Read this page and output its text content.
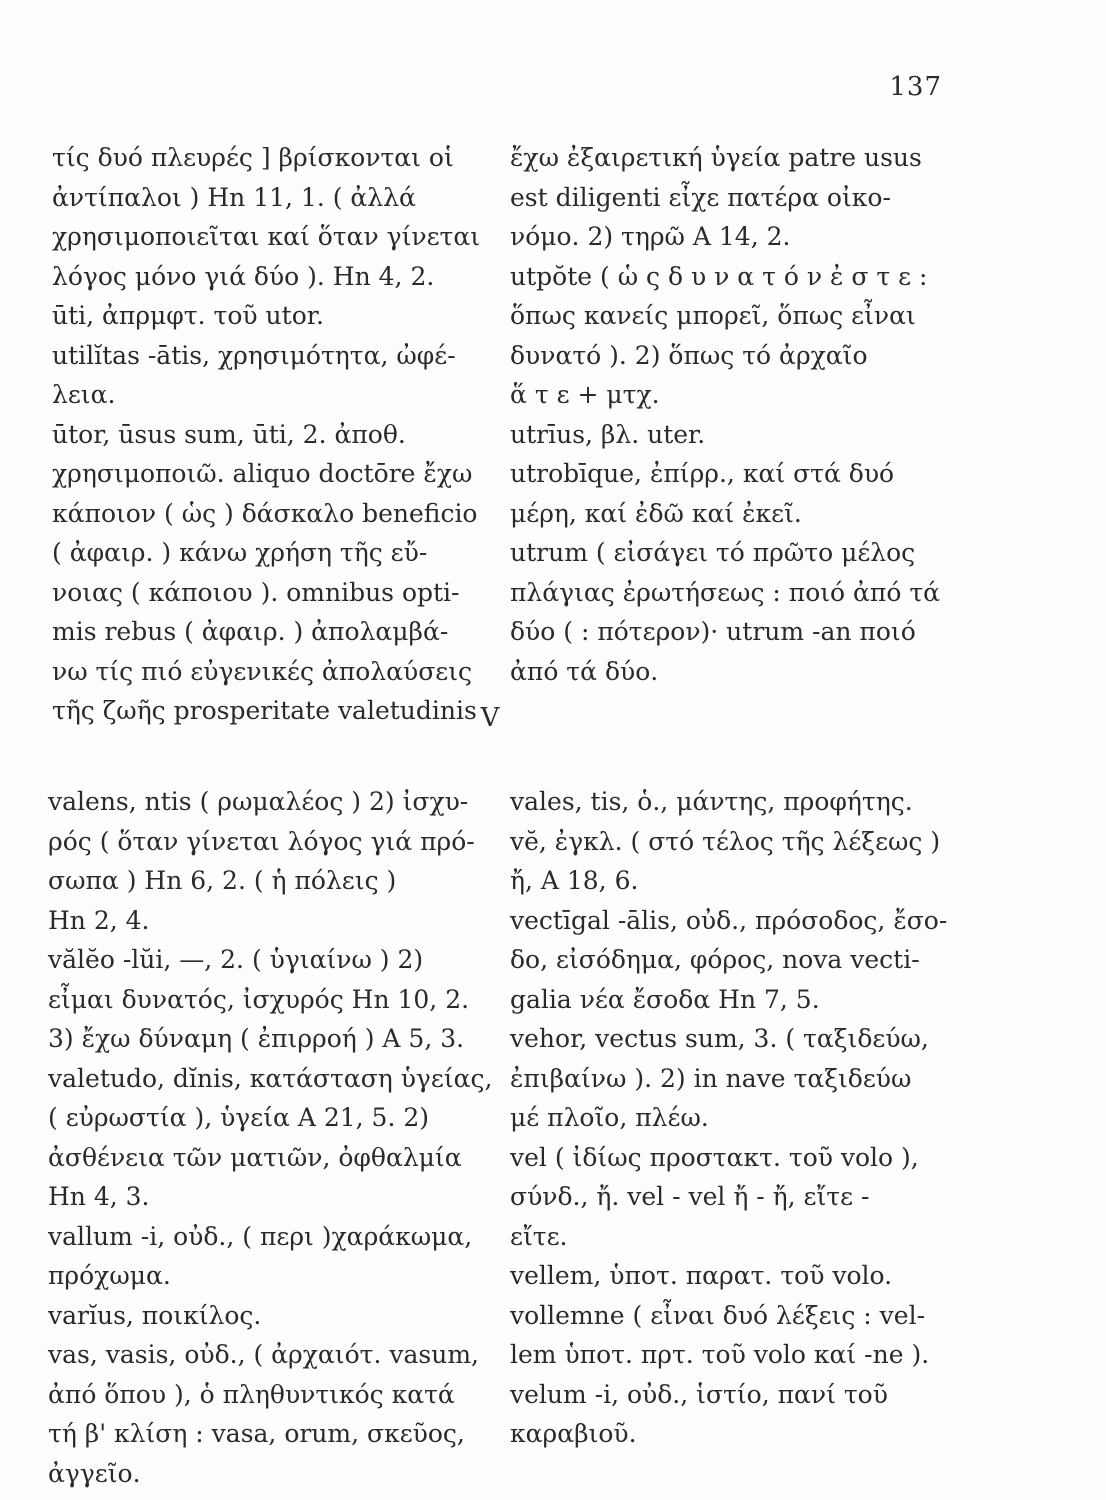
137
τίς δυό πλευρές ] βρίσκονται οἱ
ἀντίπαλοι ) Hn 11, 1. ( ἀλλά
χρησιμοποιεῖται καί ὅταν γίνεται
λόγος μόνο γιά δύο ). Hn 4, 2.
ūti, ἀπρμφτ. τοῦ utor.
utilĭtas -ātis, χρησιμότητα, ὠφέ-
λεια.
ūtor, ūsus sum, ūti, 2. ἀποθ.
χρησιμοποιῶ. aliquo doctōre ἔχω
κάποιον ( ὡς ) δάσκαλο beneficio
( ἀφαιρ. ) κάνω χρήση τῆς εὔ-
νοιας ( κάποιου ). omnibus opti-
mis rebus ( ἀφαιρ. ) ἀπολαμβά-
νω τίς πιό εὐγενικές ἀπολαύσεις
τῆς ζωῆς prosperitate valetudinis
ἔχω ἐξαιρετική ὑγεία patre usus
est diligenti εἶχε πατέρα οἰκο-
νόμο. 2) τηρῶ A 14, 2.
utpŏte ( ὡ ς δ υ ν α τ ό ν ἐ σ τ ε :
ὅπως κανείς μπορεῖ, ὅπως εἶναι
δυνατό ). 2) ὅπως τό ἀρχαῖο
ἅ τ ε + μτχ.
utrīus, βλ. uter.
utrobīque, ἐπίρρ., καί στά δυό
μέρη, καί ἐδῶ καί ἐκεῖ.
utrum ( εἰσάγει τό πρῶτο μέλος
πλάγιας ἐρωτήσεως : ποιό ἀπό τά
δύο ( : πότερον)· utrum -an ποιό
ἀπό τά δύο.
V
valens, ntis ( ρωμαλέος ) 2) ἰσχυ-
ρός ( ὅταν γίνεται λόγος γιά πρό-
σωπα ) Hn 6, 2. ( ἡ πόλεις )
Hn 2, 4.
vălĕo -lŭi, —, 2. ( ὑγιαίνω ) 2)
εἶμαι δυνατός, ἰσχυρός Hn 10, 2.
3) ἔχω δύναμη ( ἐπιρροή ) A 5, 3.
valetudo, dĭnis, κατάσταση ὑγείας,
( εὐρωστία ), ὑγεία A 21, 5. 2)
ἀσθένεια τῶν ματιῶν, ὀφθαλμία
Hn 4, 3.
vallum -i, οὐδ., ( περι )χαράκωμα,
πρόχωμα.
varĭus, ποικίλος.
vas, vasis, οὐδ., ( ἀρχαιότ. vasum,
ἀπό ὅπου ), ὁ πληθυντικός κατά
τή β' κλίση : vasa, orum, σκεῦος,
ἀγγεῖο.
vales, tis, ὁ., μάντης, προφήτης.
vĕ, ἐγκλ. ( στό τέλος τῆς λέξεως )
ἤ, A 18, 6.
vectīgal -ālis, οὐδ., πρόσοδος, ἔσο-
δο, εἰσόδημα, φόρος, nova vecti-
galia νέα ἔσοδα Hn 7, 5.
vehor, vectus sum, 3. ( ταξιδεύω,
ἐπιβαίνω ). 2) in nave ταξιδεύω
μέ πλοῖο, πλέω.
vel ( ἰδίως προστακτ. τοῦ volo ),
σύνδ., ἤ. vel - vel ἤ - ἤ, εἴτε -
εἴτε.
vellem, ὑποτ. παρατ. τοῦ volo.
vollemne ( εἶναι δυό λέξεις : vel-
lem ὑποτ. πρτ. τοῦ volo καί -ne ).
velum -i, οὐδ., ἱστίο, πανί τοῦ
καραβιοῦ.
